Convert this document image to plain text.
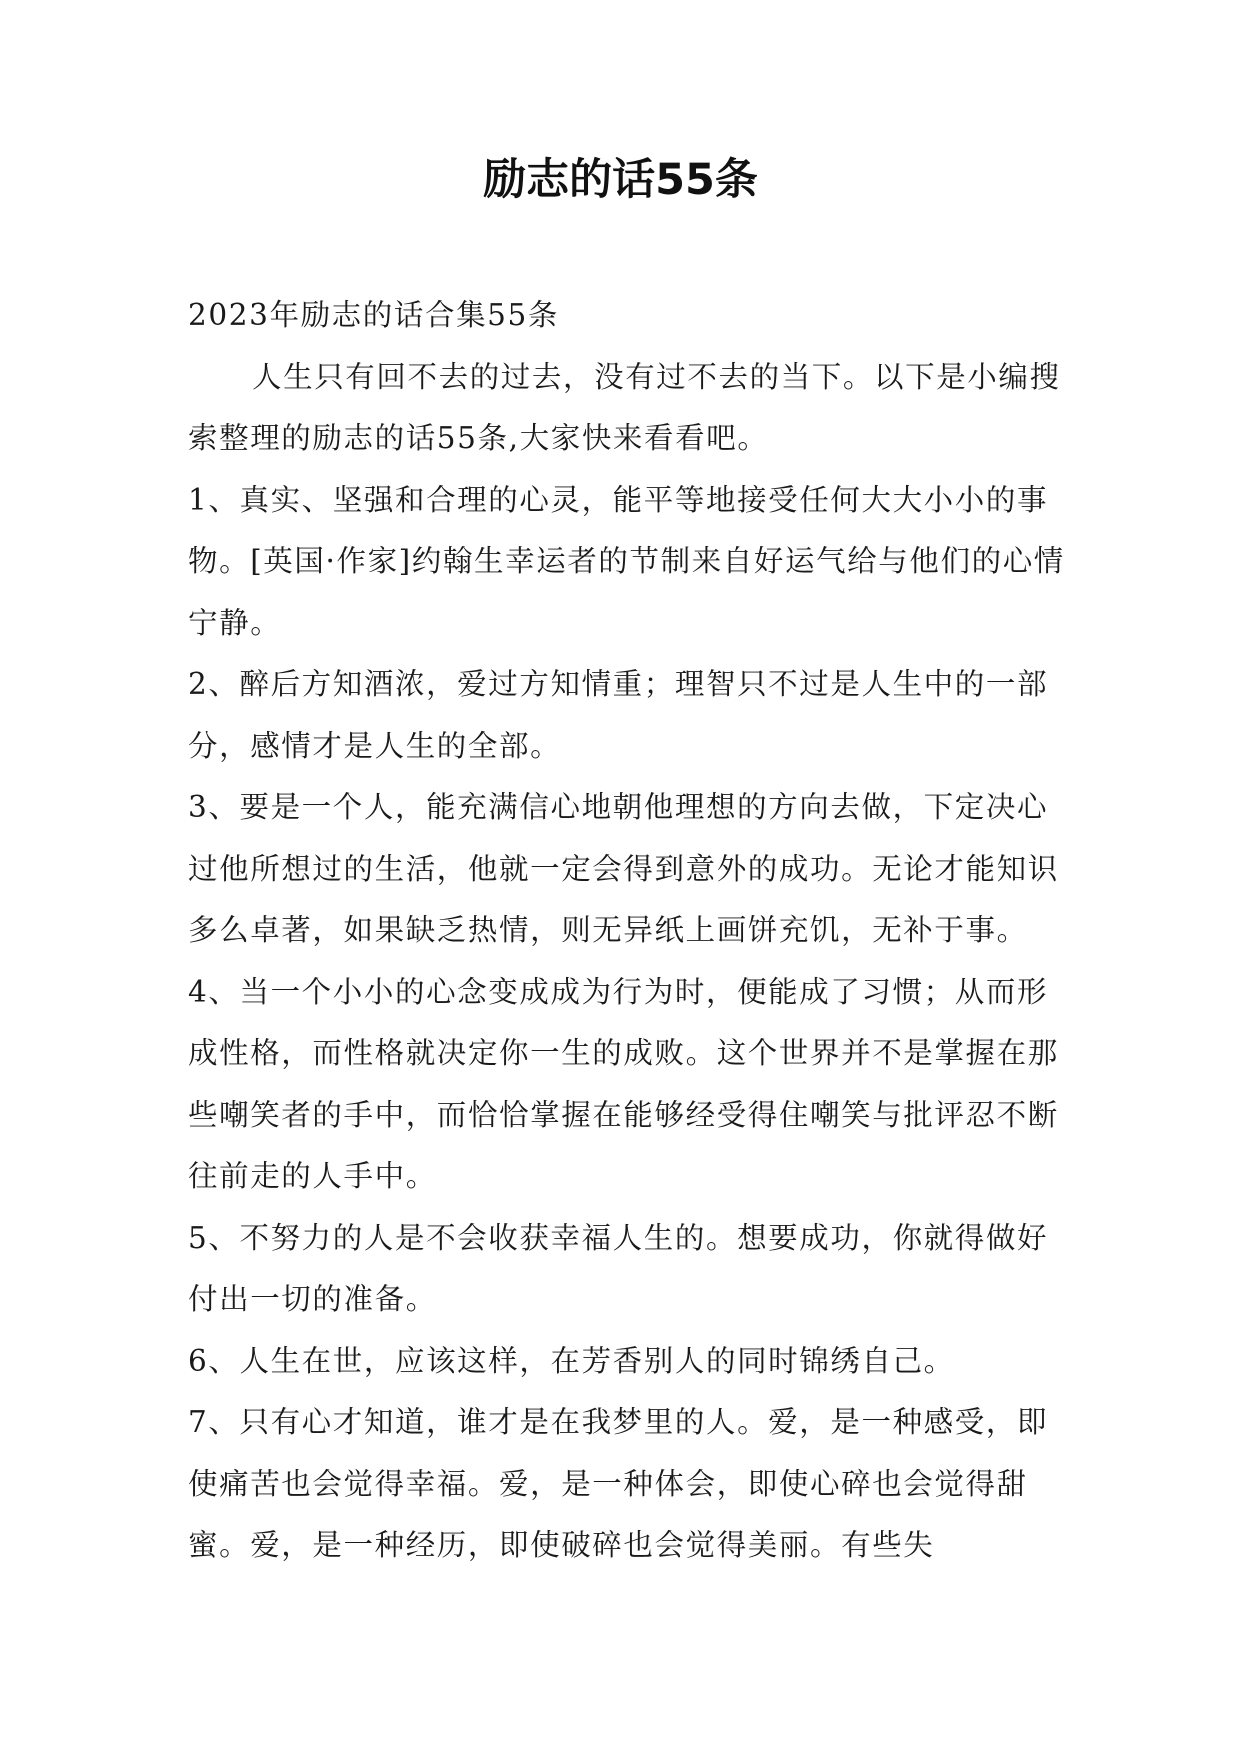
励志的话55条

2023年励志的话合集55条

人生只有回不去的过去，没有过不去的当下。以下是小编搜索整理的励志的话55条,大家快来看看吧。

1、真实、坚强和合理的心灵，能平等地接受任何大大小小的事物。[英国·作家]约翰生幸运者的节制来自好运气给与他们的心情宁静。

2、醉后方知酒浓，爱过方知情重；理智只不过是人生中的一部分，感情才是人生的全部。

3、要是一个人，能充满信心地朝他理想的方向去做，下定决心过他所想过的生活，他就一定会得到意外的成功。无论才能知识多么卓著，如果缺乏热情，则无异纸上画饼充饥，无补于事。

4、当一个小小的心念变成成为行为时，便能成了习惯；从而形成性格，而性格就决定你一生的成败。这个世界并不是掌握在那些嘲笑者的手中，而恰恰掌握在能够经受得住嘲笑与批评忍不断往前走的人手中。

5、不努力的人是不会收获幸福人生的。想要成功，你就得做好付出一切的准备。

6、人生在世，应该这样，在芳香别人的同时锦绣自己。

7、只有心才知道，谁才是在我梦里的人。爱，是一种感受，即使痛苦也会觉得幸福。爱，是一种体会，即使心碎也会觉得甜蜜。爱，是一种经历，即使破碎也会觉得美丽。有些失
